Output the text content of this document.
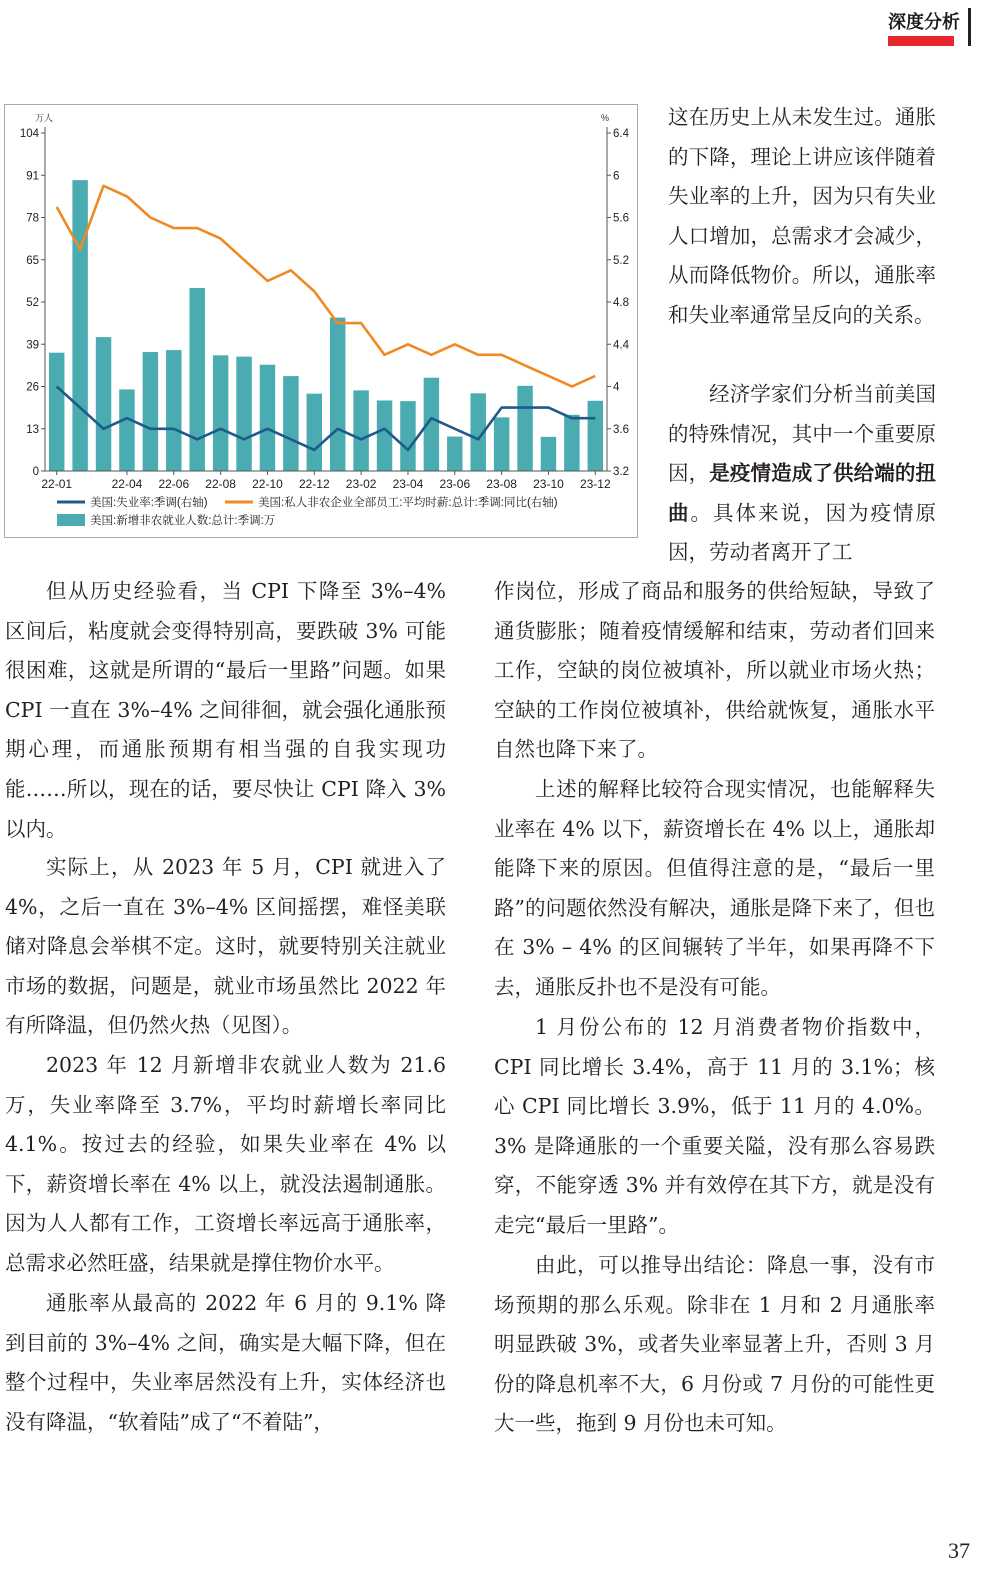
深度分析
万人	%
0
13
26
39
52
65
78
91
104
3.2
3.6
4
4.4
4.8
5.2
5.6
6
6.4
22-01	22-04 22-06 22-08 22-10 22-12 23-02 23-04 23-06 23-08 23-10 23-12
美国:失业率:季调(右轴)	美国:私人非农企业全部员工:平均时薪:总计:季调:同比(右轴)
美国:新增非农就业人数:总计:季调:万

这在历史上从未发生过。通胀的下降，理论上讲应该伴随着失业率的上升，因为只有失业人口增加，总需求才会减少，从而降低物价。所以，通胀率和失业率通常呈反向的关系。

经济学家们分析当前美国的特殊情况，其中一个重要原因，是疫情造成了供给端的扭曲。具体来说，因为疫情原因，劳动者离开了工

但从历史经验看，当 CPI 下降至 3%–4% 区间后，粘度就会变得特别高，要跌破 3% 可能很困难，这就是所谓的“最后一里路”问题。如果 CPI 一直在 3%–4% 之间徘徊，就会强化通胀预期心理，而通胀预期有相当强的自我实现功能……所以，现在的话，要尽快让 CPI 降入 3% 以内。

实际上，从 2023 年 5 月，CPI 就进入了 4%，之后一直在 3%–4% 区间摇摆，难怪美联储对降息会举棋不定。这时，就要特别关注就业市场的数据，问题是，就业市场虽然比 2022 年有所降温，但仍然火热（见图）。

2023 年 12 月新增非农就业人数为 21.6 万，失业率降至 3.7%，平均时薪增长率同比 4.1%。按过去的经验，如果失业率在 4% 以下，薪资增长率在 4% 以上，就没法遏制通胀。因为人人都有工作，工资增长率远高于通胀率，总需求必然旺盛，结果就是撑住物价水平。

通胀率从最高的 2022 年 6 月的 9.1% 降到目前的 3%–4% 之间，确实是大幅下降，但在整个过程中，失业率居然没有上升，实体经济也没有降温，“软着陆”成了“不着陆”，

作岗位，形成了商品和服务的供给短缺，导致了通货膨胀；随着疫情缓解和结束，劳动者们回来工作，空缺的岗位被填补，所以就业市场火热；空缺的工作岗位被填补，供给就恢复，通胀水平自然也降下来了。

上述的解释比较符合现实情况，也能解释失业率在 4% 以下，薪资增长在 4% 以上，通胀却能降下来的原因。但值得注意的是，“最后一里路”的问题依然没有解决，通胀是降下来了，但也在 3% – 4% 的区间辗转了半年，如果再降不下去，通胀反扑也不是没有可能。

1 月份公布的 12 月消费者物价指数中，CPI 同比增长 3.4%，高于 11 月的 3.1%；核心 CPI 同比增长 3.9%，低于 11 月的 4.0%。3% 是降通胀的一个重要关隘，没有那么容易跌穿，不能穿透 3% 并有效停在其下方，就是没有走完“最后一里路”。

由此，可以推导出结论：降息一事，没有市场预期的那么乐观。除非在 1 月和 2 月通胀率明显跌破 3%，或者失业率显著上升，否则 3 月份的降息机率不大，6 月份或 7 月份的可能性更大一些，拖到 9 月份也未可知。

37
